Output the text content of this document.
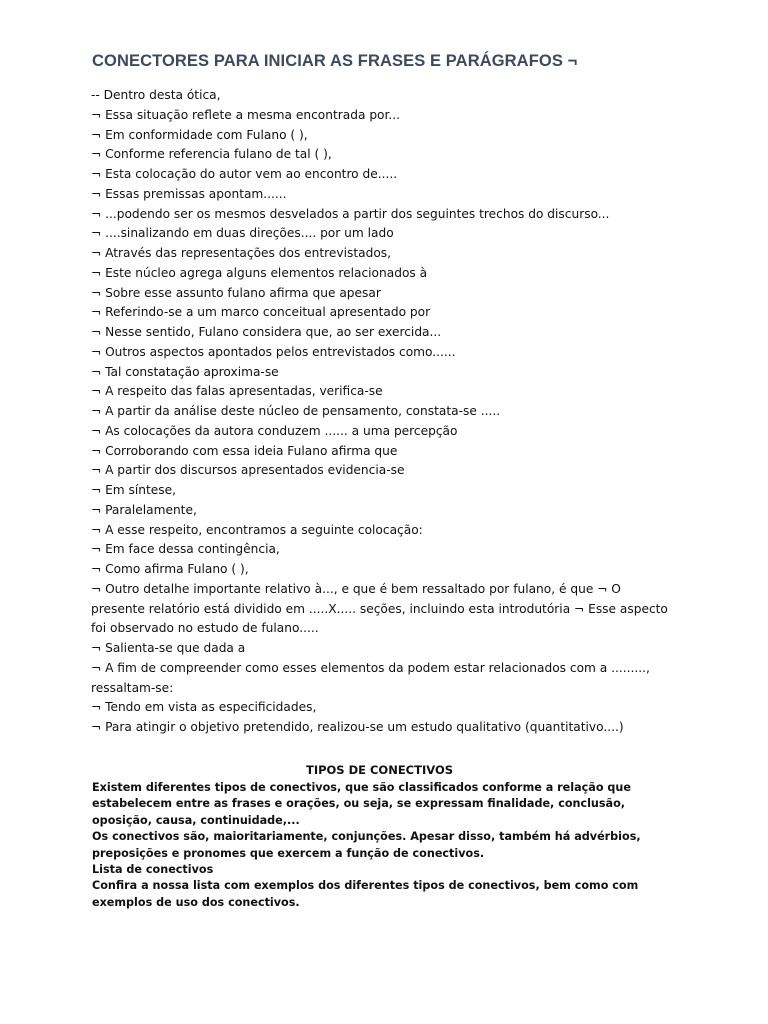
CONECTORES PARA INICIAR AS FRASES E PARÁGRAFOS ¬
-- Dentro desta ótica,
¬ Essa situação reflete a mesma encontrada por...
¬ Em conformidade com Fulano ( ),
¬ Conforme referencia fulano de tal ( ),
¬ Esta colocação do autor vem ao encontro de.....
¬ Essas premissas apontam......
¬ ...podendo ser os mesmos desvelados a partir dos seguintes trechos do discurso...
¬ ....sinalizando em duas direções.... por um lado
¬ Através das representações dos entrevistados,
¬ Este núcleo agrega alguns elementos relacionados à
¬ Sobre esse assunto fulano afirma que apesar
¬ Referindo-se a um marco conceitual apresentado por
¬ Nesse sentido, Fulano considera que, ao ser exercida...
¬ Outros aspectos apontados pelos entrevistados como......
¬ Tal constatação aproxima-se
¬ A respeito das falas apresentadas, verifica-se
¬ A partir da análise deste núcleo de pensamento, constata-se .....
¬ As colocações da autora conduzem ...... a uma percepção
¬ Corroborando com essa ideia Fulano afirma que
¬ A partir dos discursos apresentados evidencia-se
¬ Em síntese,
¬ Paralelamente,
¬ A esse respeito, encontramos a seguinte colocação:
¬ Em face dessa contingência,
¬ Como afirma Fulano ( ),
¬ Outro detalhe importante relativo à..., e que é bem ressaltado por fulano, é que ¬ O presente relatório está dividido em .....X..... seções, incluindo esta introdutória ¬ Esse aspecto foi observado no estudo de fulano.....
¬ Salienta-se que dada a
¬ A fim de compreender como esses elementos da podem estar relacionados com a ........., ressaltam-se:
¬ Tendo em vista as especificidades,
¬ Para atingir o objetivo pretendido, realizou-se um estudo qualitativo (quantitativo....)
TIPOS DE CONECTIVOS

Existem diferentes tipos de conectivos, que são classificados conforme a relação que estabelecem entre as frases e orações, ou seja, se expressam finalidade, conclusão, oposição, causa, continuidade,...

Os conectivos são, maioritariamente, conjunções. Apesar disso, também há advérbios, preposições e pronomes que exercem a função de conectivos.

Lista de conectivos

Confira a nossa lista com exemplos dos diferentes tipos de conectivos, bem como com exemplos de uso dos conectivos.
